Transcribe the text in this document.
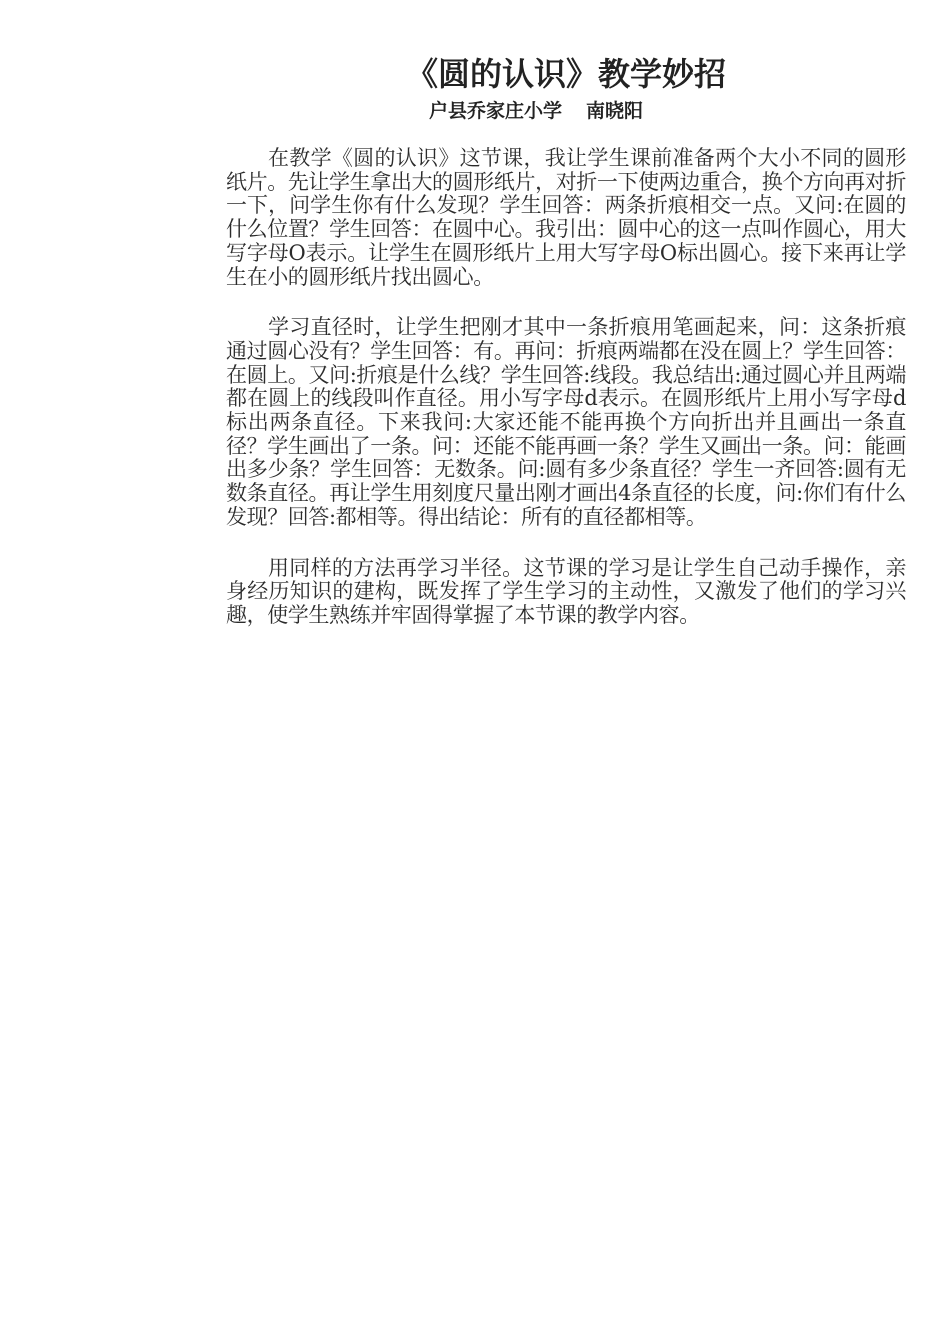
《圆的认识》教学妙招
户县乔家庄小学 南晓阳

在教学《圆的认识》这节课，我让学生课前准备两个大小不同的圆形纸片。先让学生拿出大的圆形纸片，对折一下使两边重合，换个方向再对折一下，问学生你有什么发现？学生回答：两条折痕相交一点。又问:在圆的什么位置？学生回答：在圆中心。我引出：圆中心的这一点叫作圆心，用大写字母O表示。让学生在圆形纸片上用大写字母O标出圆心。接下来再让学生在小的圆形纸片找出圆心。

学习直径时，让学生把刚才其中一条折痕用笔画起来，问：这条折痕通过圆心没有？学生回答：有。再问：折痕两端都在没在圆上？学生回答：在圆上。又问:折痕是什么线？学生回答:线段。我总结出:通过圆心并且两端都在圆上的线段叫作直径。用小写字母d表示。在圆形纸片上用小写字母d标出两条直径。下来我问:大家还能不能再换个方向折出并且画出一条直径？学生画出了一条。问：还能不能再画一条？学生又画出一条。问：能画出多少条？学生回答：无数条。问:圆有多少条直径？学生一齐回答:圆有无数条直径。再让学生用刻度尺量出刚才画出4条直径的长度，问:你们有什么发现？回答:都相等。得出结论：所有的直径都相等。

用同样的方法再学习半径。这节课的学习是让学生自己动手操作，亲身经历知识的建构，既发挥了学生学习的主动性，又激发了他们的学习兴趣，使学生熟练并牢固得掌握了本节课的教学内容。
